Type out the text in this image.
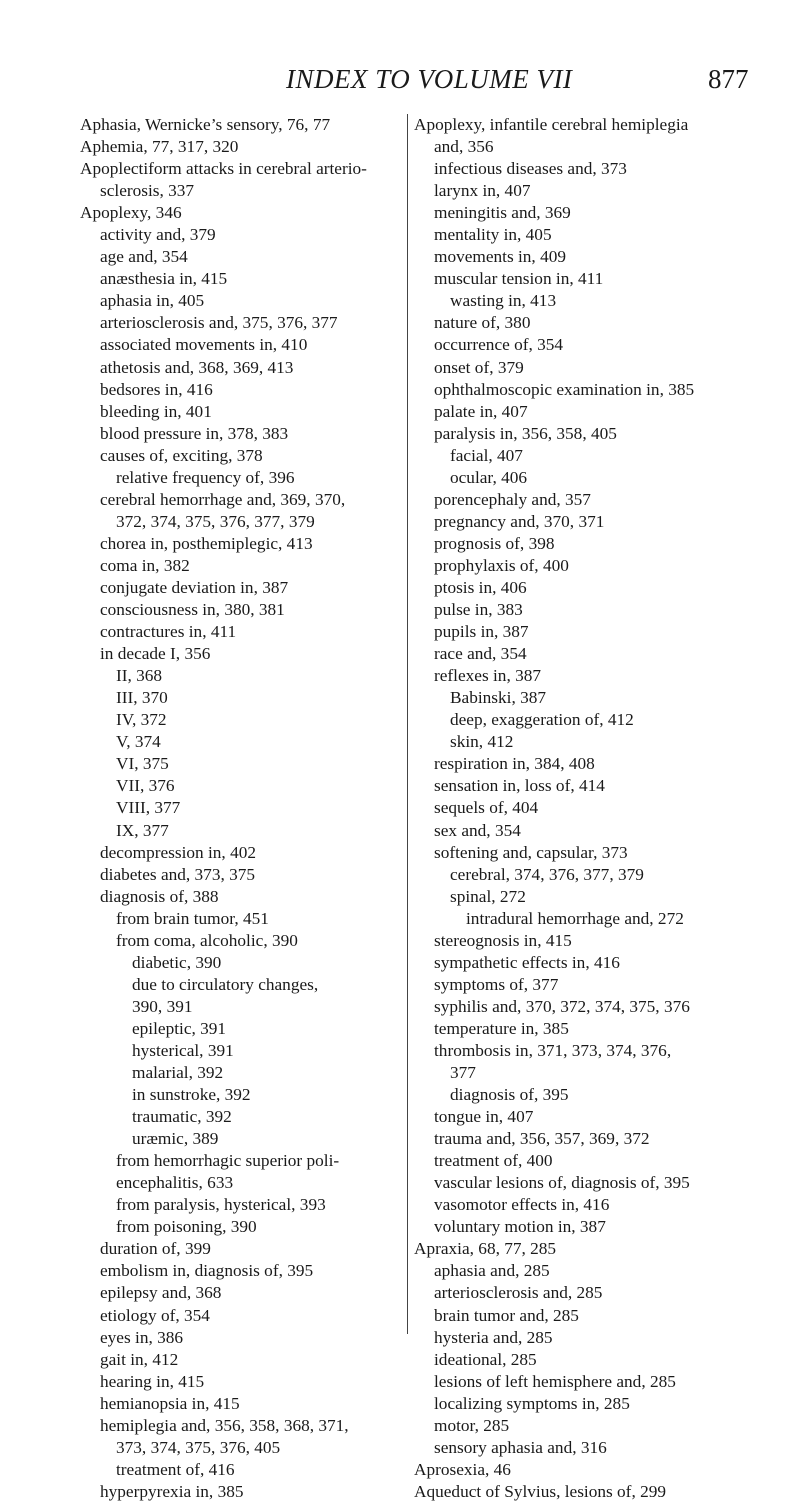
INDEX TO VOLUME VII	877
Aphasia, Wernicke’s sensory, 76, 77
Aphemia, 77, 317, 320
Apoplectiform attacks in cerebral arterio-
sclerosis, 337
Apoplexy, 346
activity and, 379
age and, 354
anæsthesia in, 415
aphasia in, 405
arteriosclerosis and, 375, 376, 377
associated movements in, 410
athetosis and, 368, 369, 413
bedsores in, 416
bleeding in, 401
blood pressure in, 378, 383
causes of, exciting, 378
relative frequency of, 396
cerebral hemorrhage and, 369, 370,
372, 374, 375, 376, 377, 379
chorea in, posthemiplegic, 413
coma in, 382
conjugate deviation in, 387
consciousness in, 380, 381
contractures in, 411
in decade I, 356
II, 368
III, 370
IV, 372
V, 374
VI, 375
VII, 376
VIII, 377
IX, 377
decompression in, 402
diabetes and, 373, 375
diagnosis of, 388
from brain tumor, 451
from coma, alcoholic, 390
diabetic, 390
due to circulatory changes,
390, 391
epileptic, 391
hysterical, 391
malarial, 392
in sunstroke, 392
traumatic, 392
uræmic, 389
from hemorrhagic superior poli-
encephalitis, 633
from paralysis, hysterical, 393
from poisoning, 390
duration of, 399
embolism in, diagnosis of, 395
epilepsy and, 368
etiology of, 354
eyes in, 386
gait in, 412
hearing in, 415
hemianopsia in, 415
hemiplegia and, 356, 358, 368, 371,
373, 374, 375, 376, 405
treatment of, 416
hyperpyrexia in, 385
Apoplexy, infantile cerebral hemiplegia
and, 356
infectious diseases and, 373
larynx in, 407
meningitis and, 369
mentality in, 405
movements in, 409
muscular tension in, 411
wasting in, 413
nature of, 380
occurrence of, 354
onset of, 379
ophthalmoscopic examination in, 385
palate in, 407
paralysis in, 356, 358, 405
facial, 407
ocular, 406
porencephaly and, 357
pregnancy and, 370, 371
prognosis of, 398
prophylaxis of, 400
ptosis in, 406
pulse in, 383
pupils in, 387
race and, 354
reflexes in, 387
Babinski, 387
deep, exaggeration of, 412
skin, 412
respiration in, 384, 408
sensation in, loss of, 414
sequels of, 404
sex and, 354
softening and, capsular, 373
cerebral, 374, 376, 377, 379
spinal, 272
intradural hemorrhage and, 272
stereognosis in, 415
sympathetic effects in, 416
symptoms of, 377
syphilis and, 370, 372, 374, 375, 376
temperature in, 385
thrombosis in, 371, 373, 374, 376,
377
diagnosis of, 395
tongue in, 407
trauma and, 356, 357, 369, 372
treatment of, 400
vascular lesions of, diagnosis of, 395
vasomotor effects in, 416
voluntary motion in, 387
Apraxia, 68, 77, 285
aphasia and, 285
arteriosclerosis and, 285
brain tumor and, 285
hysteria and, 285
ideational, 285
lesions of left hemisphere and, 285
localizing symptoms in, 285
motor, 285
sensory aphasia and, 316
Aprosexia, 46
Aqueduct of Sylvius, lesions of, 299
